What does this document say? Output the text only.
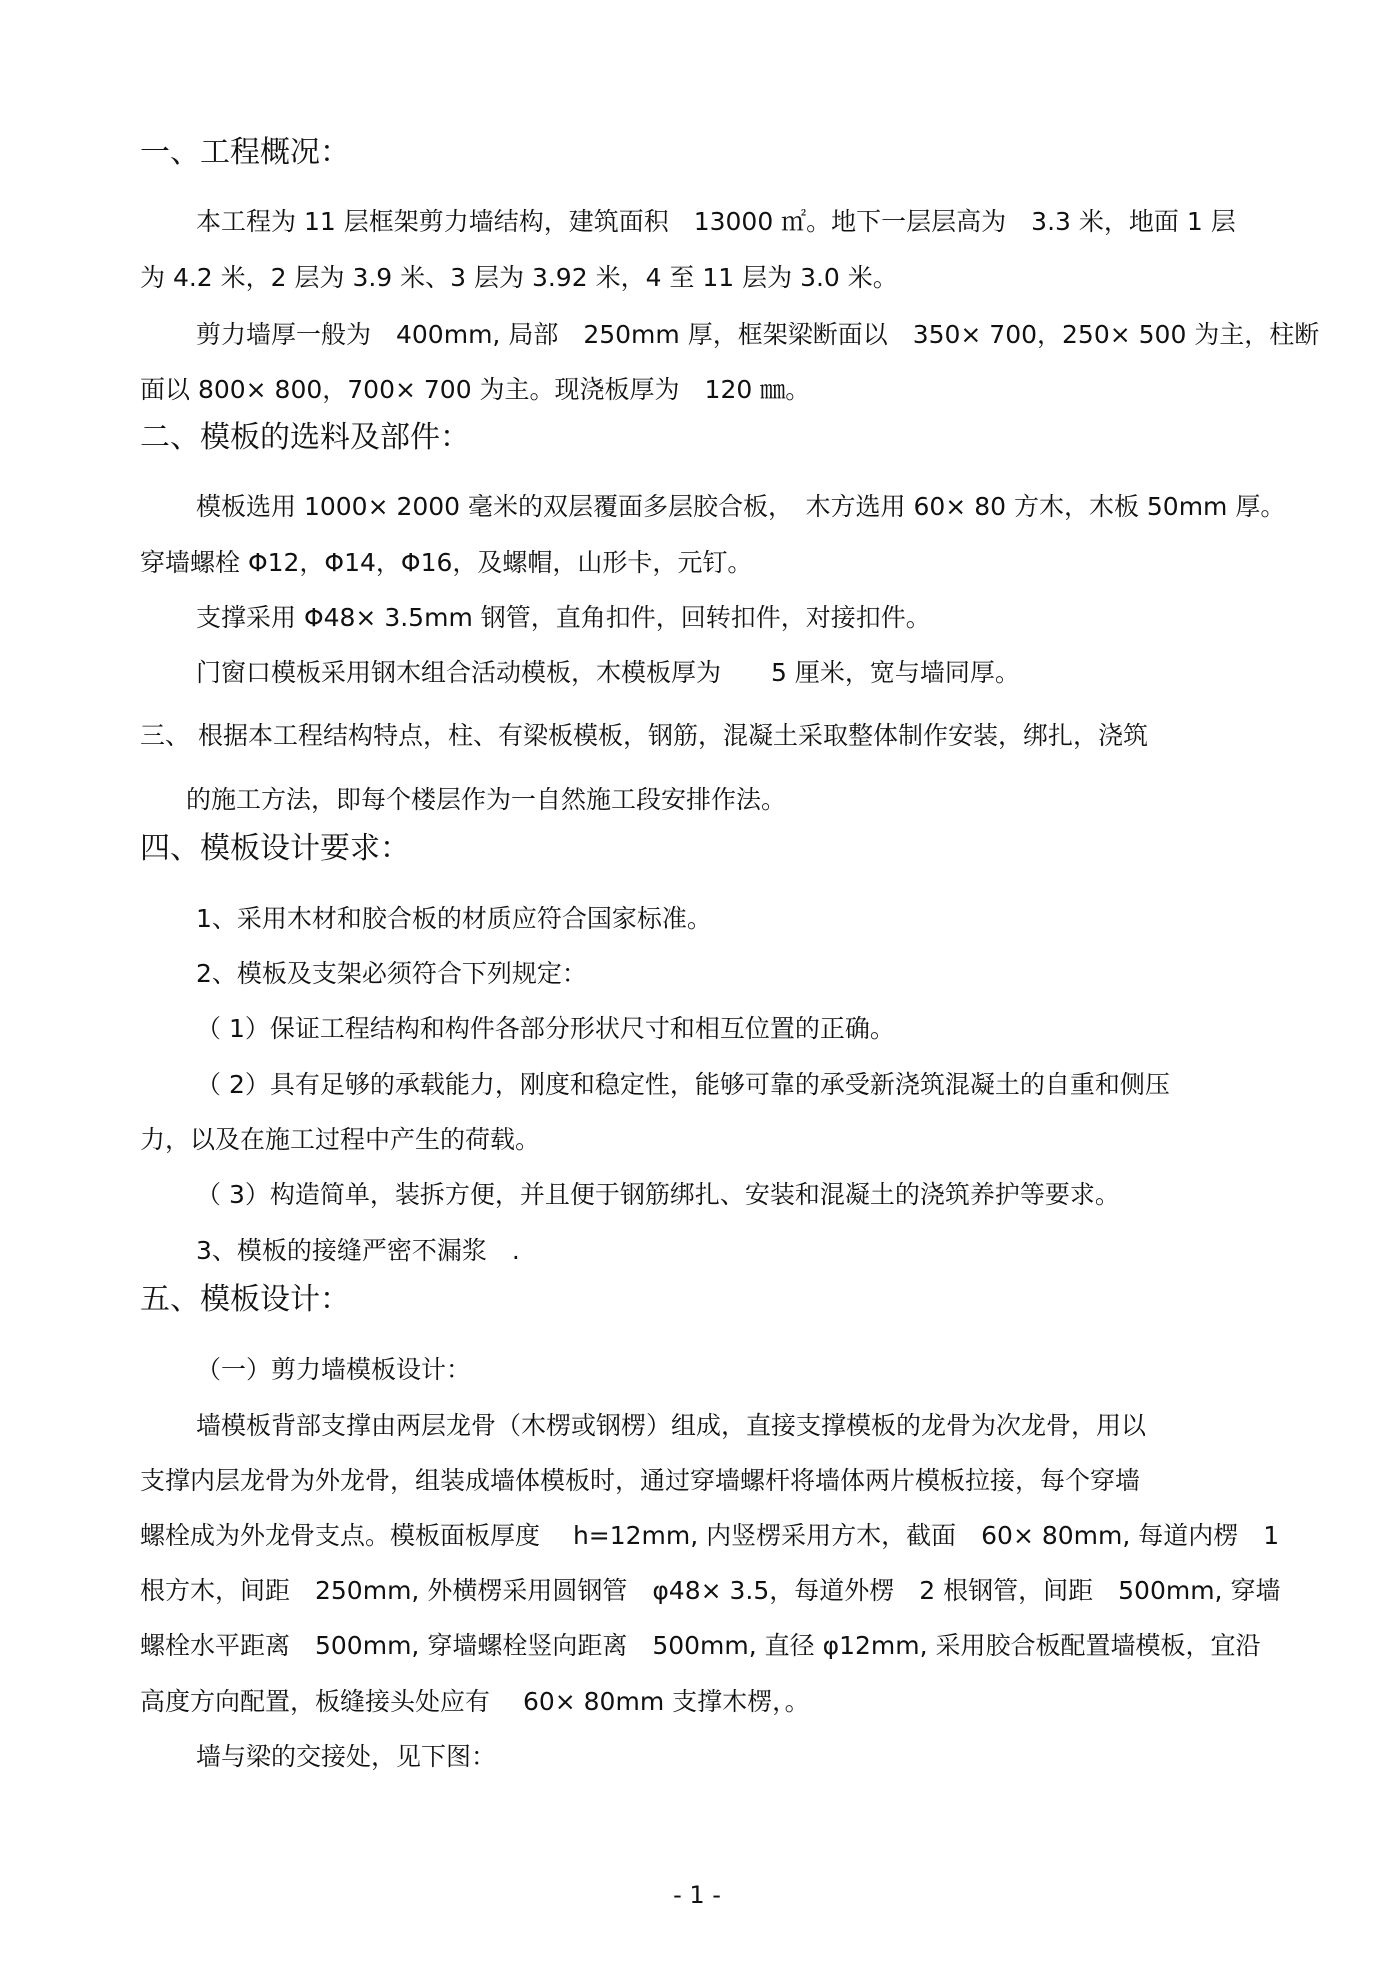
一、工程概况：
本工程为 11 层框架剪力墙结构，建筑面积　13000 ㎡。地下一层层高为　3.3 米，地面 1 层
为 4.2 米，2 层为 3.9 米、3 层为 3.92 米，4 至 11 层为 3.0 米。
剪力墙厚一般为　400mm, 局部　250mm 厚，框架梁断面以　350× 700，250× 500 为主，柱断
面以 800× 800，700× 700 为主。现浇板厚为　120 ㎜。
二、模板的选料及部件：
模板选用 1000× 2000 毫米的双层覆面多层胶合板，　木方选用 60× 80 方木，木板 50mm 厚。
穿墙螺栓 Φ12，Φ14，Φ16，及螺帽，山形卡，元钉。
支撑采用 Φ48× 3.5mm 钢管，直角扣件，回转扣件，对接扣件。
门窗口模板采用钢木组合活动模板，木模板厚为　　5 厘米，宽与墙同厚。
三、 根据本工程结构特点，柱、有梁板模板，钢筋，混凝土采取整体制作安装，绑扎，浇筑
的施工方法，即每个楼层作为一自然施工段安排作法。
四、模板设计要求：
1、采用木材和胶合板的材质应符合国家标准。
2、模板及支架必须符合下列规定：
（ 1）保证工程结构和构件各部分形状尺寸和相互位置的正确。
（ 2）具有足够的承载能力，刚度和稳定性，能够可靠的承受新浇筑混凝土的自重和侧压
力，以及在施工过程中产生的荷载。
（ 3）构造简单，装拆方便，并且便于钢筋绑扎、安装和混凝土的浇筑养护等要求。
3、模板的接缝严密不漏浆　.
五、模板设计：
（一）剪力墙模板设计：
墙模板背部支撑由两层龙骨（木楞或钢楞）组成，直接支撑模板的龙骨为次龙骨，用以
支撑内层龙骨为外龙骨，组装成墙体模板时，通过穿墙螺杆将墙体两片模板拉接，每个穿墙
螺栓成为外龙骨支点。模板面板厚度　 h=12mm, 内竖楞采用方木，截面　60× 80mm, 每道内楞　1
根方木，间距　250mm, 外横楞采用圆钢管　φ48× 3.5，每道外楞　2 根钢管，间距　500mm, 穿墙
螺栓水平距离　500mm, 穿墙螺栓竖向距离　500mm, 直径 φ12mm, 采用胶合板配置墙模板，宜沿
高度方向配置，板缝接头处应有　 60× 80mm 支撑木楞，。
墙与梁的交接处，见下图：
- 1 -
